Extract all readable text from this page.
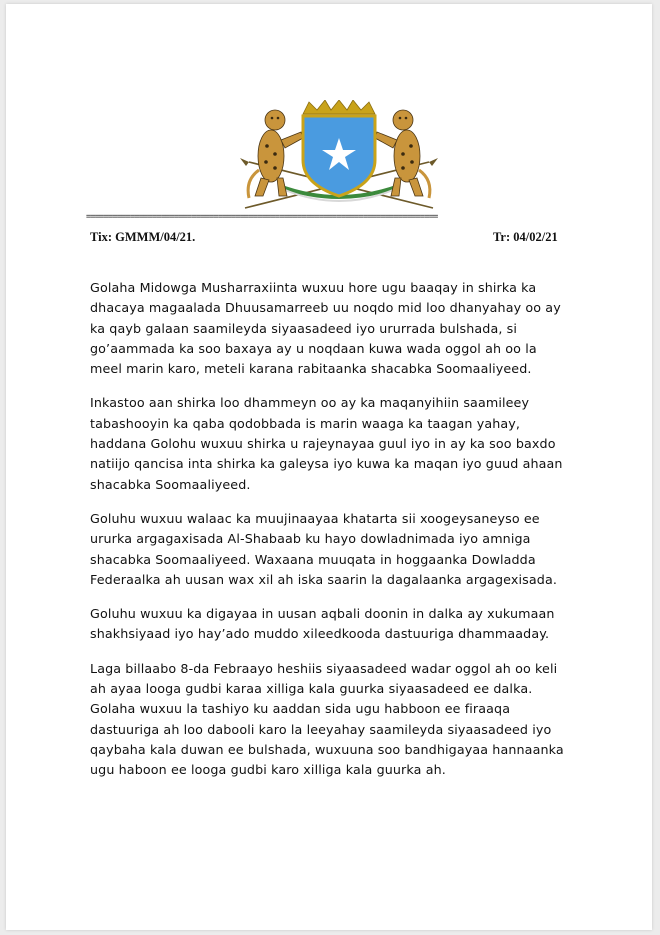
================================================================================
Tix: GMMM/04/21.	Tr: 04/02/21

Golaha Midowga Musharraxiinta wuxuu hore ugu baaqay in shirka ka dhacaya magaalada Dhuusamarreeb uu noqdo mid loo dhanyahay oo ay ka qayb galaan saamileyda siyaasadeed iyo ururrada bulshada, si go’aammada ka soo baxaya ay u noqdaan kuwa wada oggol ah oo la meel marin karo, meteli karana rabitaanka shacabka Soomaaliyeed.

Inkastoo aan shirka loo dhammeyn oo ay ka maqanyihiin saamileey tabashooyin ka qaba qodobbada is marin waaga ka taagan yahay, haddana Golohu wuxuu shirka u rajeynayaa guul iyo in ay ka soo baxdo natiijo qancisa inta shirka ka galeysa iyo kuwa ka maqan iyo guud ahaan shacabka Soomaaliyeed.

Goluhu wuxuu walaac ka muujinaayaa khatarta sii xoogeysaneyso ee ururka argagaxisada Al-Shabaab ku hayo dowladnimada iyo amniga shacabka Soomaaliyeed. Waxaana muuqata in hoggaanka Dowladda Federaalka ah uusan wax xil ah iska saarin la dagalaanka argagexisada.

Goluhu wuxuu ka digayaa in uusan aqbali doonin in dalka ay xukumaan shakhsiyaad iyo hay’ado muddo xileedkooda dastuuriga dhammaaday.

Laga billaabo 8-da Febraayo heshiis siyaasadeed wadar oggol ah oo keli ah ayaa looga gudbi karaa xilliga kala guurka siyaasadeed ee dalka. Golaha wuxuu la tashiyo ku aaddan sida ugu habboon ee firaaqa dastuuriga ah loo dabooli karo la leeyahay saamileyda siyaasadeed iyo qaybaha kala duwan ee bulshada, wuxuuna soo bandhigayaa hannaanka ugu haboon ee looga gudbi karo xilliga kala guurka ah.
